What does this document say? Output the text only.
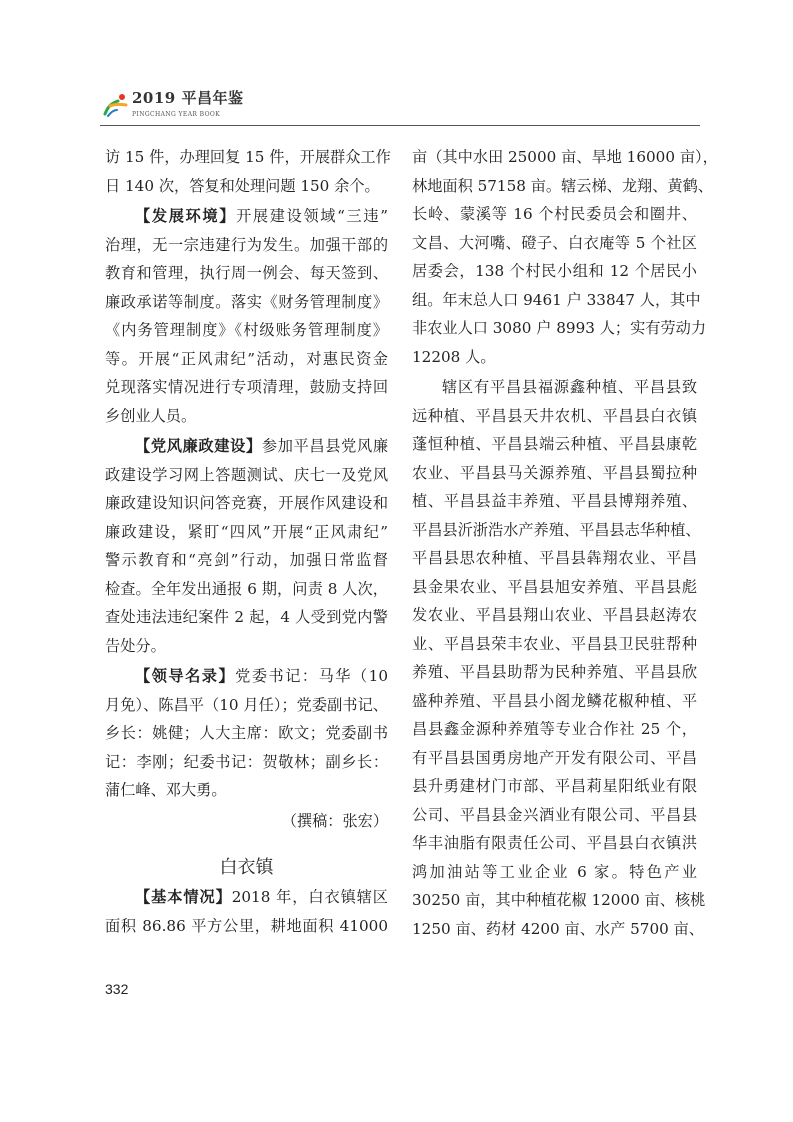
2019 平昌年鉴
PINGCHANG YEAR BOOK
访 15 件，办理回复 15 件，开展群众工作
日 140 次，答复和处理问题 150 余个。
【发展环境】开展建设领域“三违”
治理，无一宗违建行为发生。加强干部的
教育和管理，执行周一例会、每天签到、
廉政承诺等制度。落实《财务管理制度》
《内务管理制度》《村级账务管理制度》
等。开展“正风肃纪”活动，对惠民资金
兑现落实情况进行专项清理，鼓励支持回
乡创业人员。
【党风廉政建设】参加平昌县党风廉
政建设学习网上答题测试、庆七一及党风
廉政建设知识问答竞赛，开展作风建设和
廉政建设，紧盯“四风”开展“正风肃纪”
警示教育和“亮剑”行动，加强日常监督
检查。全年发出通报 6 期，问责 8 人次，
查处违法违纪案件 2 起，4 人受到党内警
告处分。
【领导名录】党委书记：马华（10
月免）、陈昌平（10 月任）；党委副书记、
乡长：姚健；人大主席：欧文；党委副书
记：李刚；纪委书记：贺敬林；副乡长：
蒲仁峰、邓大勇。
（撰稿：张宏）
白衣镇
【基本情况】2018 年，白衣镇辖区
面积 86.86 平方公里，耕地面积 41000
亩（其中水田 25000 亩、旱地 16000 亩），
林地面积 57158 亩。辖云梯、龙翔、黄鹤、
长岭、蒙溪等 16 个村民委员会和圈井、
文昌、大河嘴、磴子、白衣庵等 5 个社区
居委会，138 个村民小组和 12 个居民小
组。年末总人口 9461 户 33847 人，其中
非农业人口 3080 户 8993 人；实有劳动力
12208 人。
辖区有平昌县福源鑫种植、平昌县致
远种植、平昌县天井农机、平昌县白衣镇
蓬恒种植、平昌县端云种植、平昌县康乾
农业、平昌县马关源养殖、平昌县蜀拉种
植、平昌县益丰养殖、平昌县博翔养殖、
平昌县沂浙浩水产养殖、平昌县志华种植、
平昌县思农种植、平昌县犇翔农业、平昌
县金果农业、平昌县旭安养殖、平昌县彪
发农业、平昌县翔山农业、平昌县赵涛农
业、平昌县荣丰农业、平昌县卫民驻帮种
养殖、平昌县助帮为民种养殖、平昌县欣
盛种养殖、平昌县小阁龙鳞花椒种植、平
昌县鑫金源种养殖等专业合作社 25 个，
有平昌县国勇房地产开发有限公司、平昌
县升勇建材门市部、平昌莉星阳纸业有限
公司、平昌县金兴酒业有限公司、平昌县
华丰油脂有限责任公司、平昌县白衣镇洪
鸿加油站等工业企业 6 家。特色产业
30250 亩，其中种植花椒 12000 亩、核桃
1250 亩、药材 4200 亩、水产 5700 亩、
332
